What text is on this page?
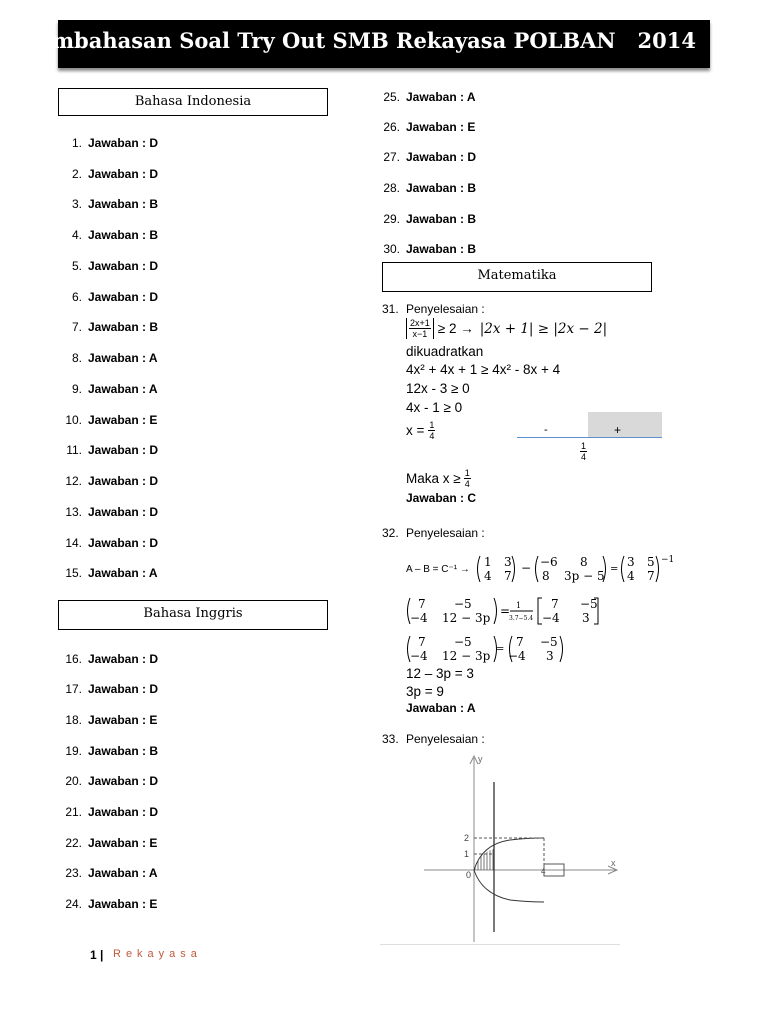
Pembahasan Soal Try Out SMB Rekayasa POLBAN   2014
Bahasa Indonesia
Bahasa Inggris
Matematika
1. Jawaban : D
2. Jawaban : D
3. Jawaban : B
4. Jawaban : B
5. Jawaban : D
6. Jawaban : D
7. Jawaban : B
8. Jawaban : A
9. Jawaban : A
10. Jawaban : E
11. Jawaban : D
12. Jawaban : D
13. Jawaban : D
14. Jawaban : D
15. Jawaban : A
16. Jawaban : D
17. Jawaban : D
18. Jawaban : E
19. Jawaban : B
20. Jawaban : D
21. Jawaban : D
22. Jawaban : E
23. Jawaban : A
24. Jawaban : E
25. Jawaban : A
26. Jawaban : E
27. Jawaban : D
28. Jawaban : B
29. Jawaban : B
30. Jawaban : B
31. Penyelesaian :
$\frac{2x+1}{x-1} \ge 2 \to |2x + 1| \ge |2x - 2|$
dikuadratkan
4x² + 4x + 1 ≥ 4x² - 8x + 4
12x - 3 ≥ 0
4x - 1 ≥ 0
$x = \frac{1}{4}$	-	+
$\frac{1}{4}$
Maka $x \ge \frac{1}{4}$
Jawaban : C
32. Penyelesaian :
A – B = C⁻¹ →
1 3
4 7
− −6 8
8 3p − 5 =
3 5
4 7
−1
7 −5
−4 12 − 3p = 1
3.7−5.4
7 −5
−4 3
7 −5
−4 12 − 3p =
7 −5
−4 3
12 – 3p = 3
3p = 9
Jawaban : A
33. Penyelesaian :
y
x
2
1
0	4
1 | Rekayasa
